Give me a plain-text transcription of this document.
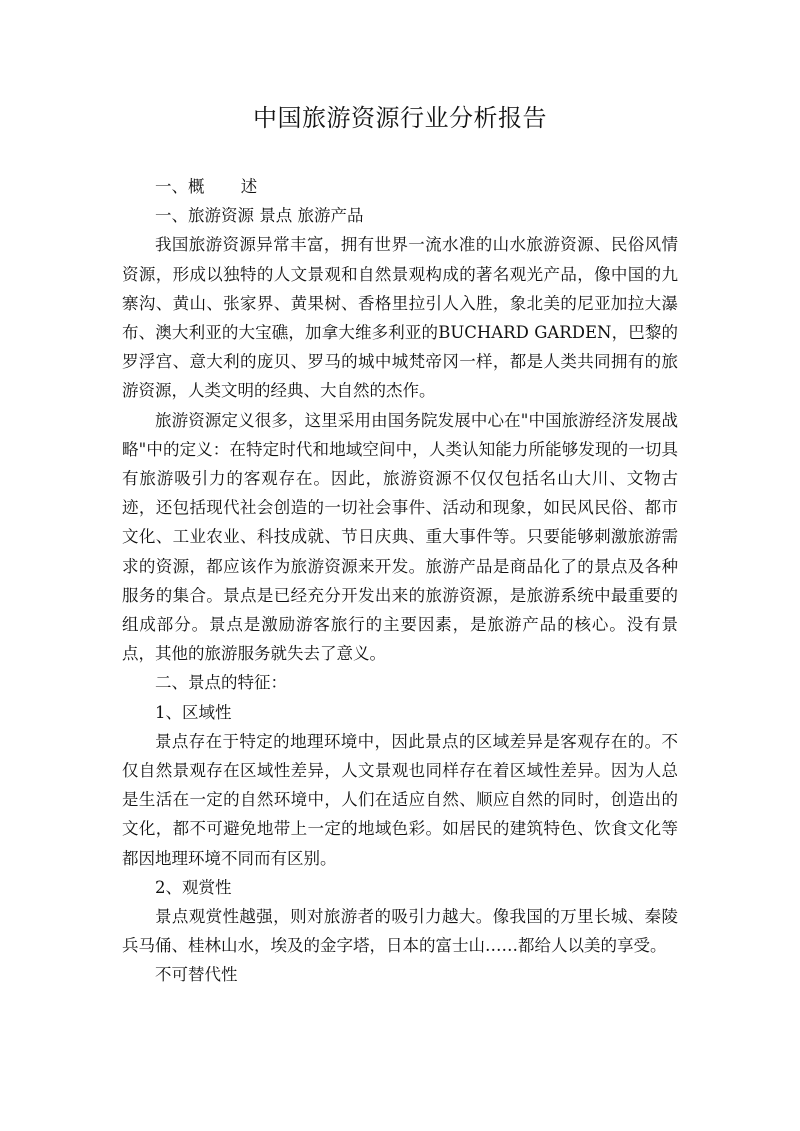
中国旅游资源行业分析报告

一、概 述

一、旅游资源 景点 旅游产品

我国旅游资源异常丰富，拥有世界一流水准的山水旅游资源、民俗风情资源，形成以独特的人文景观和自然景观构成的著名观光产品，像中国的九寨沟、黄山、张家界、黄果树、香格里拉引人入胜，象北美的尼亚加拉大瀑布、澳大利亚的大宝礁，加拿大维多利亚的BUCHARD GARDEN，巴黎的罗浮宫、意大利的庞贝、罗马的城中城梵帝冈一样，都是人类共同拥有的旅游资源，人类文明的经典、大自然的杰作。

旅游资源定义很多，这里采用由国务院发展中心在"中国旅游经济发展战略"中的定义：在特定时代和地域空间中，人类认知能力所能够发现的一切具有旅游吸引力的客观存在。因此，旅游资源不仅仅包括名山大川、文物古迹，还包括现代社会创造的一切社会事件、活动和现象，如民风民俗、都市文化、工业农业、科技成就、节日庆典、重大事件等。只要能够刺激旅游需求的资源，都应该作为旅游资源来开发。旅游产品是商品化了的景点及各种服务的集合。景点是已经充分开发出来的旅游资源，是旅游系统中最重要的组成部分。景点是激励游客旅行的主要因素，是旅游产品的核心。没有景点，其他的旅游服务就失去了意义。

二、景点的特征：

1、区域性

景点存在于特定的地理环境中，因此景点的区域差异是客观存在的。不仅自然景观存在区域性差异，人文景观也同样存在着区域性差异。因为人总是生活在一定的自然环境中，人们在适应自然、顺应自然的同时，创造出的文化，都不可避免地带上一定的地域色彩。如居民的建筑特色、饮食文化等都因地理环境不同而有区别。

2、观赏性

景点观赏性越强，则对旅游者的吸引力越大。像我国的万里长城、秦陵兵马俑、桂林山水，埃及的金字塔，日本的富士山……都给人以美的享受。

不可替代性
